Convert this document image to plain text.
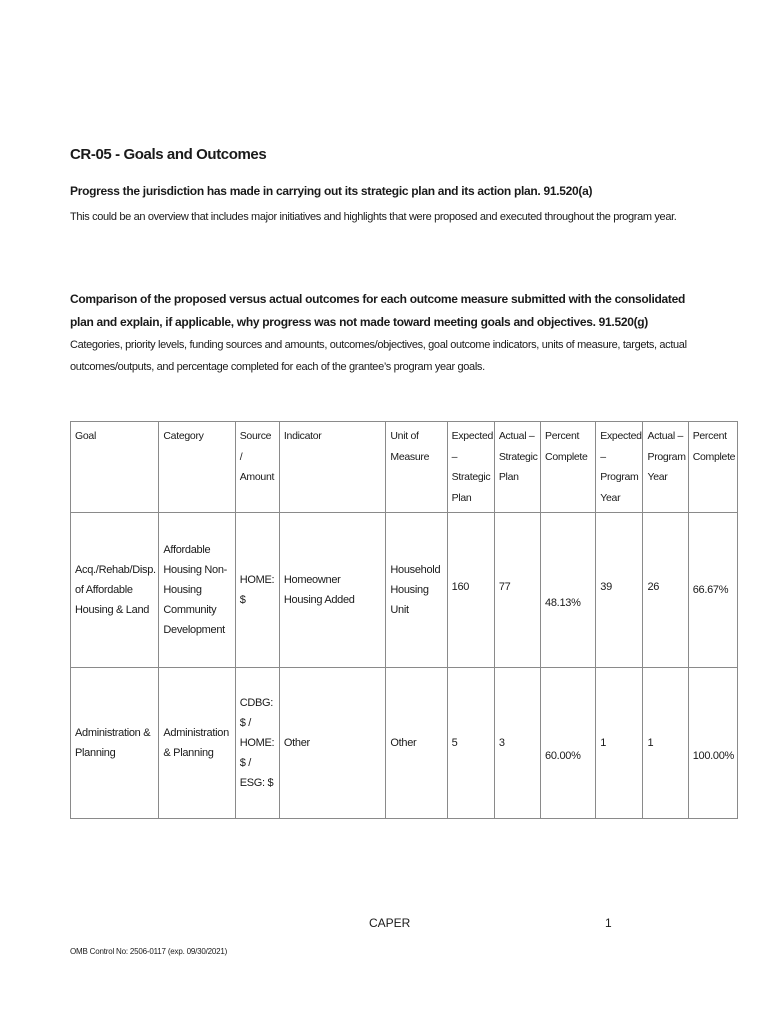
CR-05 - Goals and Outcomes
Progress the jurisdiction has made in carrying out its strategic plan and its action plan. 91.520(a)
This could be an overview that includes major initiatives and highlights that were proposed and executed throughout the program year.
Comparison of the proposed versus actual outcomes for each outcome measure submitted with the consolidated plan and explain, if applicable, why progress was not made toward meeting goals and objectives. 91.520(g)
Categories, priority levels, funding sources and amounts, outcomes/objectives, goal outcome indicators, units of measure, targets, actual outcomes/outputs, and percentage completed for each of the grantee’s program year goals.
Goal	Category	Source / Amount	Indicator	Unit of Measure	Expected – Strategic Plan	Actual – Strategic Plan	Percent Complete	Expected – Program Year	Actual – Program Year	Percent Complete
Acq./Rehab/Disp. of Affordable Housing & Land	Affordable Housing Non-Housing Community Development	HOME: $	Homeowner Housing Added	Household Housing Unit	160	77	48.13%	39	26	66.67%
Administration & Planning	Administration & Planning	CDBG: $ / HOME: $ / ESG: $	Other	Other	5	3	60.00%	1	1	100.00%
CAPER	1
OMB Control No: 2506-0117 (exp. 09/30/2021)
